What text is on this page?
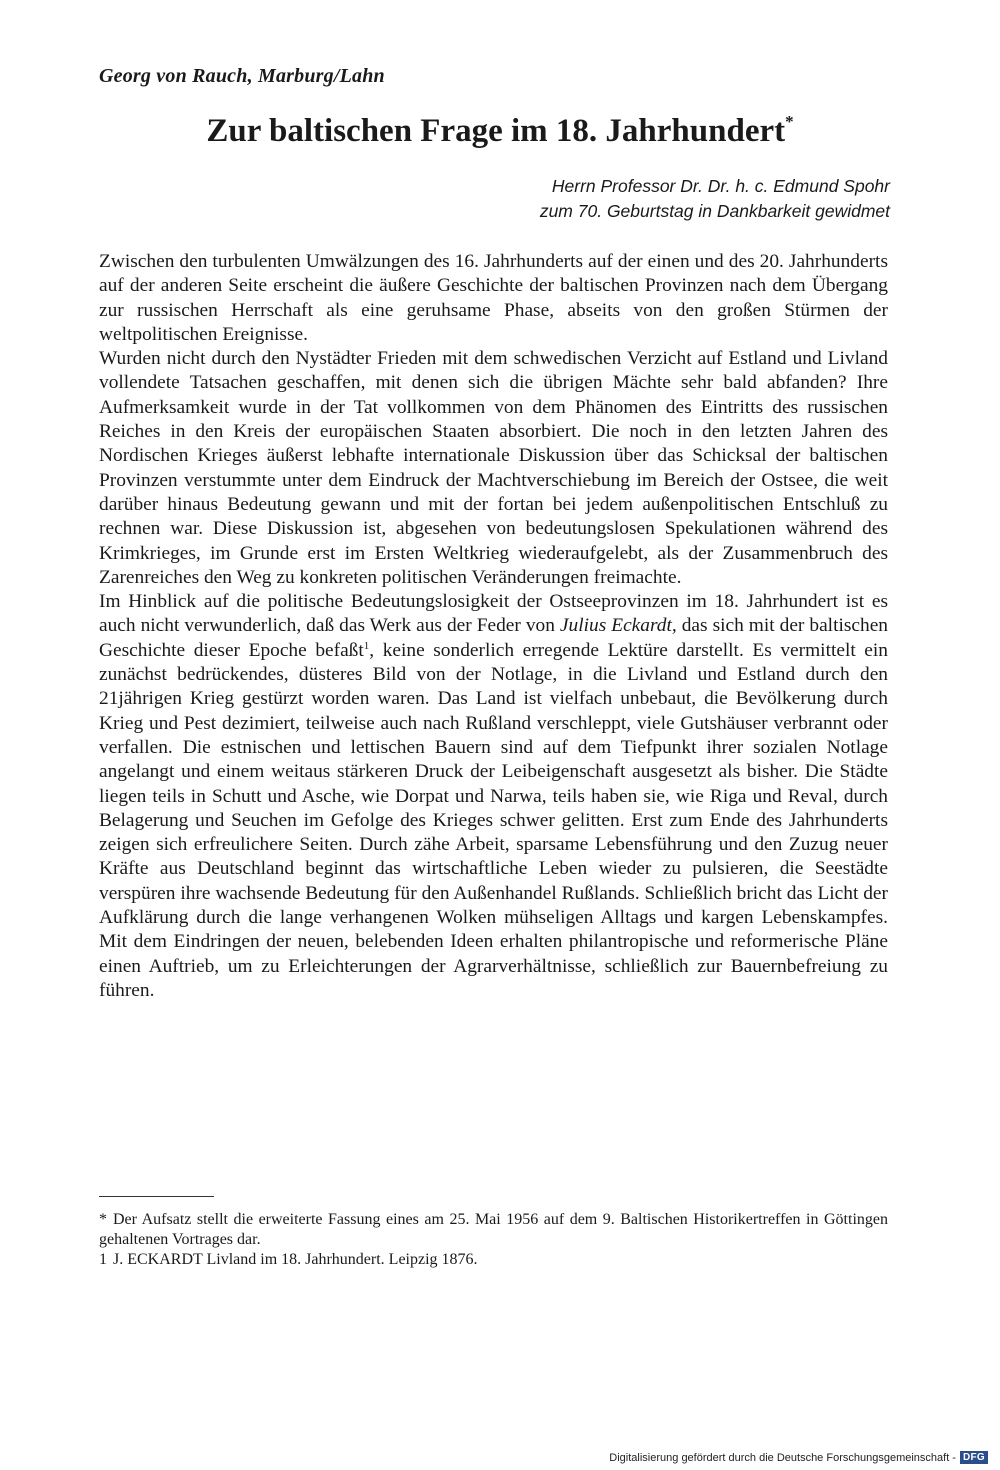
Georg von Rauch, Marburg/Lahn
Zur baltischen Frage im 18. Jahrhundert*
Herrn Professor Dr. Dr. h. c. Edmund Spohr
zum 70. Geburtstag in Dankbarkeit gewidmet

Zwischen den turbulenten Umwälzungen des 16. Jahrhunderts auf der einen und des 20. Jahrhunderts auf der anderen Seite erscheint die äußere Geschichte der baltischen Provinzen nach dem Übergang zur russischen Herrschaft als eine geruhsame Phase, abseits von den großen Stürmen der weltpolitischen Ereignisse.

Wurden nicht durch den Nystädter Frieden mit dem schwedischen Verzicht auf Estland und Livland vollendete Tatsachen geschaffen, mit denen sich die übrigen Mächte sehr bald abfanden? Ihre Aufmerksamkeit wurde in der Tat vollkommen von dem Phänomen des Eintritts des russischen Reiches in den Kreis der europäischen Staaten absorbiert. Die noch in den letzten Jahren des Nordischen Krieges äußerst lebhafte internationale Diskussion über das Schicksal der baltischen Provinzen verstummte unter dem Eindruck der Machtverschiebung im Bereich der Ostsee, die weit darüber hinaus Bedeutung gewann und mit der fortan bei jedem außenpolitischen Entschluß zu rechnen war. Diese Diskussion ist, abgesehen von bedeutungslosen Spekulationen während des Krimkrieges, im Grunde erst im Ersten Weltkrieg wiederaufgelebt, als der Zusammenbruch des Zarenreiches den Weg zu konkreten politischen Veränderungen freimachte.

Im Hinblick auf die politische Bedeutungslosigkeit der Ostseeprovinzen im 18. Jahrhundert ist es auch nicht verwunderlich, daß das Werk aus der Feder von Julius Eckardt, das sich mit der baltischen Geschichte dieser Epoche befaßt$^1$, keine sonderlich erregende Lektüre darstellt. Es vermittelt ein zunächst bedrückendes, düsteres Bild von der Notlage, in die Livland und Estland durch den 21jährigen Krieg gestürzt worden waren. Das Land ist vielfach unbebaut, die Bevölkerung durch Krieg und Pest dezimiert, teilweise auch nach Rußland verschleppt, viele Gutshäuser verbrannt oder verfallen. Die estnischen und lettischen Bauern sind auf dem Tiefpunkt ihrer sozialen Notlage angelangt und einem weitaus stärkeren Druck der Leibeigenschaft ausgesetzt als bisher. Die Städte liegen teils in Schutt und Asche, wie Dorpat und Narwa, teils haben sie, wie Riga und Reval, durch Belagerung und Seuchen im Gefolge des Krieges schwer gelitten. Erst zum Ende des Jahrhunderts zeigen sich erfreulichere Seiten. Durch zähe Arbeit, sparsame Lebensführung und den Zuzug neuer Kräfte aus Deutschland beginnt das wirtschaftliche Leben wieder zu pulsieren, die Seestädte verspüren ihre wachsende Bedeutung für den Außenhandel Rußlands. Schließlich bricht das Licht der Aufklärung durch die lange verhangenen Wolken mühseligen Alltags und kargen Lebenskampfes. Mit dem Eindringen der neuen, belebenden Ideen erhalten philantropische und reformerische Pläne einen Auftrieb, um zu Erleichterungen der Agrarverhältnisse, schließlich zur Bauernbefreiung zu führen.

* Der Aufsatz stellt die erweiterte Fassung eines am 25. Mai 1956 auf dem 9. Baltischen Historikertreffen in Göttingen gehaltenen Vortrages dar.

1 J. ECKARDT Livland im 18. Jahrhundert. Leipzig 1876.

Digitalisierung gefördert durch die Deutsche Forschungsgemeinschaft - DFG
